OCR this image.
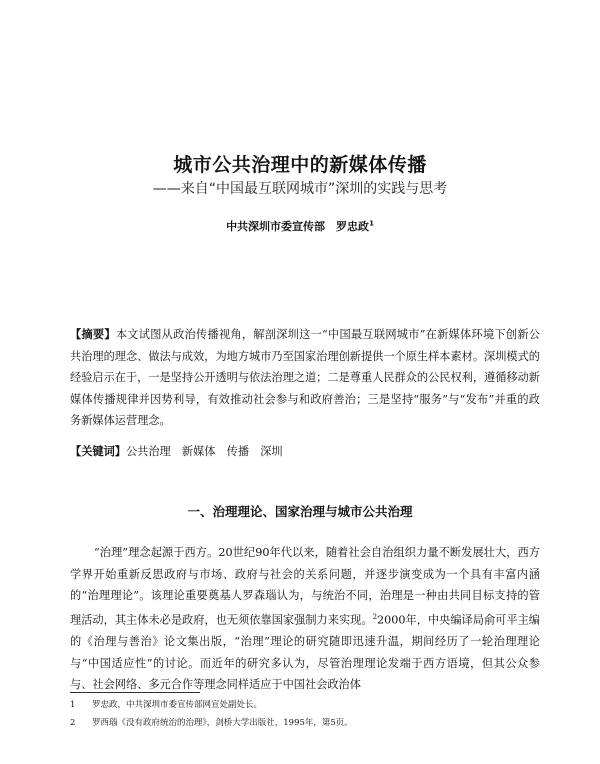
城市公共治理中的新媒体传播
——来自“中国最互联网城市”深圳的实践与思考
中共深圳市委宣传部　罗忠政$^1$
【摘要】本文试图从政治传播视角，解剖深圳这一“中国最互联网城市”在新媒体环境下创新公共治理的理念、做法与成效，为地方城市乃至国家治理创新提供一个原生样本素材。深圳模式的经验启示在于，一是坚持公开透明与依法治理之道；二是尊重人民群众的公民权利，遵循移动新媒体传播规律并因势利导，有效推动社会参与和政府善治；三是坚持“服务”与“发布”并重的政务新媒体运营理念。
【关键词】公共治理　新媒体　传播　深圳
一、治理理论、国家治理与城市公共治理
“治理”理念起源于西方。20世纪90年代以来，随着社会自治组织力量不断发展壮大，西方学界开始重新反思政府与市场、政府与社会的关系问题，并逐步演变成为一个具有丰富内涵的“治理理论”。该理论重要奠基人罗森瑙认为，与统治不同，治理是一种由共同目标支持的管理活动，其主体未必是政府，也无须依靠国家强制力来实现。$^2$2000年，中央编译局俞可平主编的《治理与善治》论文集出版，“治理”理论的研究随即迅速升温，期间经历了一轮治理理论与“中国适应性”的讨论。而近年的研究多认为，尽管治理理论发端于西方语境，但其公众参与、社会网络、多元合作等理念同样适应于中国社会政治体
1	罗忠政，中共深圳市委宣传部网宣处副处长。
2	罗西瑙《没有政府统治的治理》，剑桥大学出版社，1995年，第5页。
